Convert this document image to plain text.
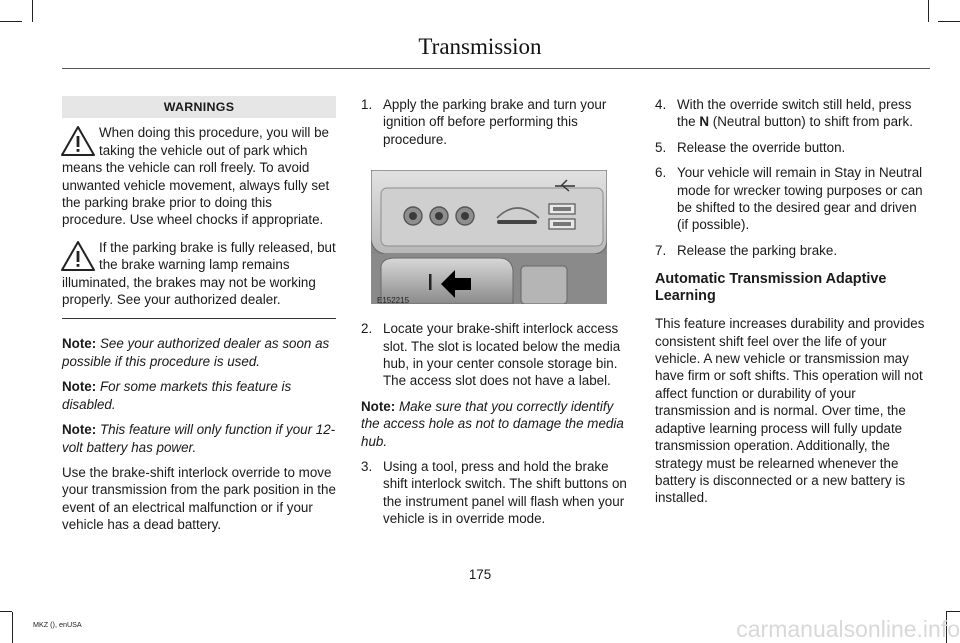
Transmission
WARNINGS
When doing this procedure, you will be taking the vehicle out of park which means the vehicle can roll freely. To avoid unwanted vehicle movement, always fully set the parking brake prior to doing this procedure. Use wheel chocks if appropriate.
If the parking brake is fully released, but the brake warning lamp remains illuminated, the brakes may not be working properly. See your authorized dealer.

Note: See your authorized dealer as soon as possible if this procedure is used.

Note: For some markets this feature is disabled.

Note: This feature will only function if your 12-volt battery has power.

Use the brake-shift interlock override to move your transmission from the park position in the event of an electrical malfunction or if your vehicle has a dead battery.

1. Apply the parking brake and turn your ignition off before performing this procedure.
E152215
2. Locate your brake-shift interlock access slot. The slot is located below the media hub, in your center console storage bin. The access slot does not have a label.

Note: Make sure that you correctly identify the access hole as not to damage the media hub.

3. Using a tool, press and hold the brake shift interlock switch. The shift buttons on the instrument panel will flash when your vehicle is in override mode.
4. With the override switch still held, press the N (Neutral button) to shift from park.
5. Release the override button.
6. Your vehicle will remain in Stay in Neutral mode for wrecker towing purposes or can be shifted to the desired gear and driven (if possible).
7. Release the parking brake.
Automatic Transmission Adaptive Learning

This feature increases durability and provides consistent shift feel over the life of your vehicle. A new vehicle or transmission may have firm or soft shifts. This operation will not affect function or durability of your transmission and is normal. Over time, the adaptive learning process will fully update transmission operation. Additionally, the strategy must be relearned whenever the battery is disconnected or a new battery is installed.

175
MKZ (), enUSA	carmanualsonline.info
